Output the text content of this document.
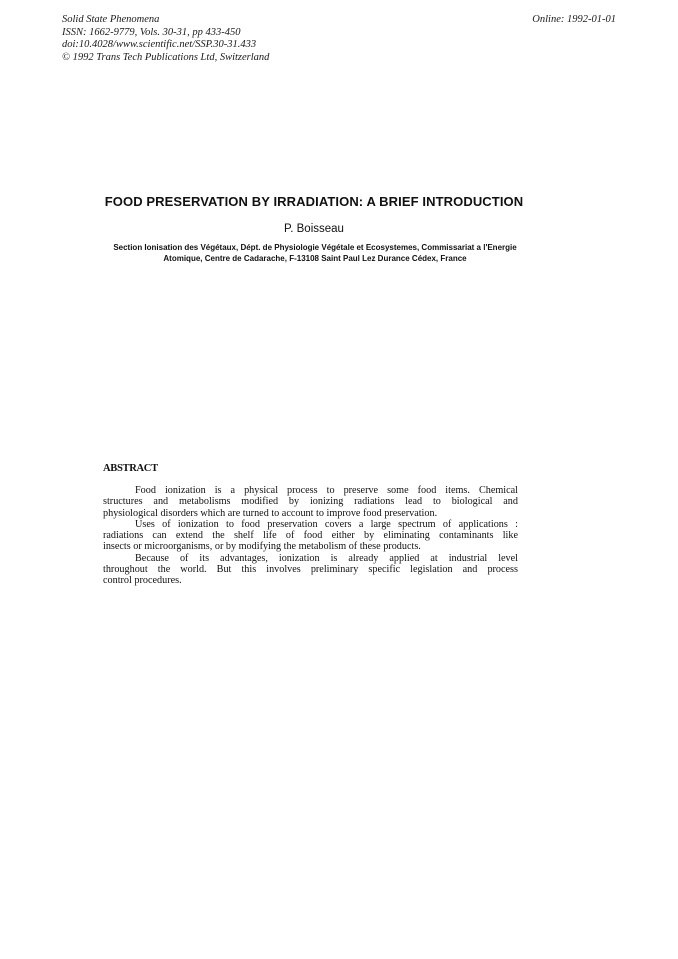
Solid State Phenomena
ISSN: 1662-9779, Vols. 30-31, pp 433-450
doi:10.4028/www.scientific.net/SSP.30-31.433
© 1992 Trans Tech Publications Ltd, Switzerland
Online: 1992-01-01
FOOD PRESERVATION BY IRRADIATION: A BRIEF INTRODUCTION
P. Boisseau
Section Ionisation des Végétaux, Dépt. de Physiologie Végétale et Ecosystemes, Commissariat a l'Energie
Atomique, Centre de Cadarache, F-13108 Saint Paul Lez Durance Cédex, France
ABSTRACT
Food ionization is a physical process to preserve some food items. Chemical
structures and metabolisms modified by ionizing radiations lead to biological and
physiological disorders which are turned to account to improve food preservation.
Uses of ionization to food preservation covers a large spectrum of applications :
radiations can extend the shelf life of food either by eliminating contaminants like
insects or microorganisms, or by modifying the metabolism of these products.
Because of its advantages, ionization is already applied at industrial level
throughout the world. But this involves preliminary specific legislation and process
control procedures.
